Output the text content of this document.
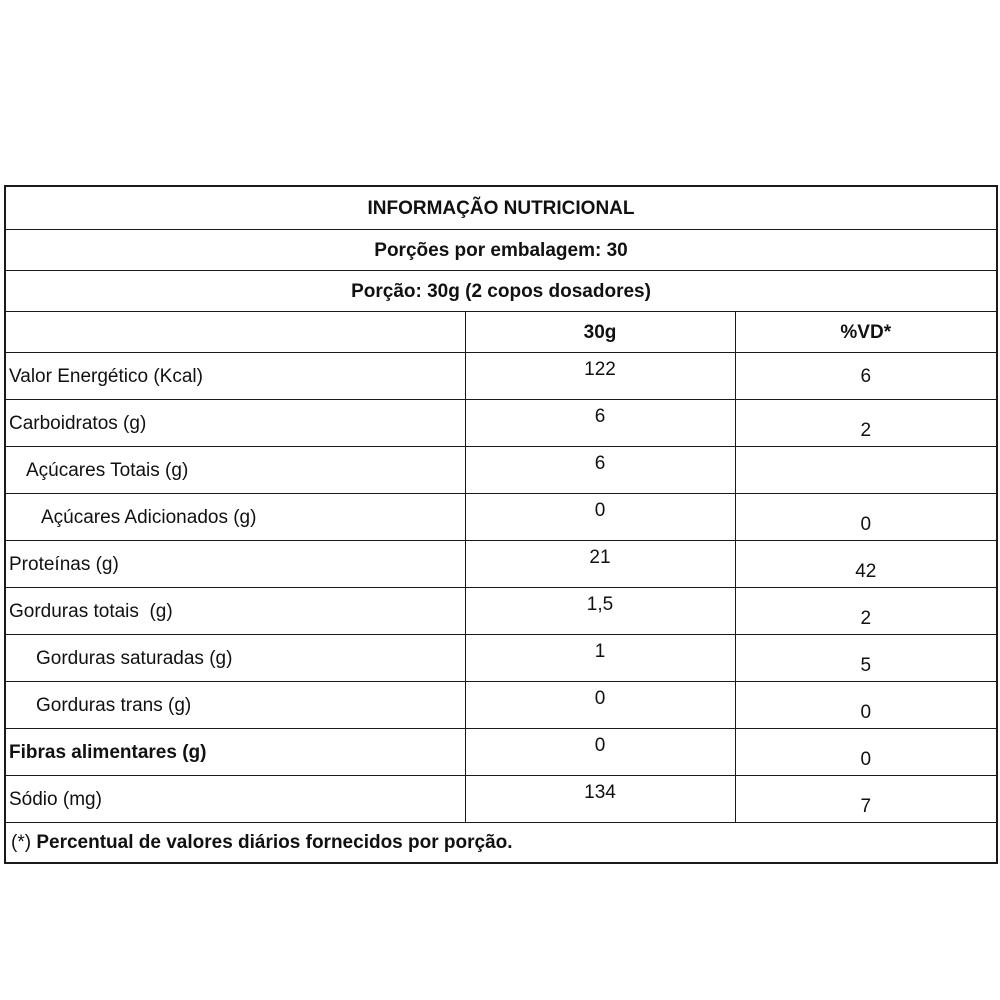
INFORMAÇÃO NUTRICIONAL		
Porções por embalagem: 30		
Porção: 30g (2 copos dosadores)		
	30g	%VD*
Valor Energético (Kcal)	122	6
Carboidratos (g)	6	2
Açúcares Totais (g)	6	
Açúcares Adicionados (g)	0	0
Proteínas (g)	21	42
Gorduras totais  (g)	1,5	2
Gorduras saturadas (g)	1	5
Gorduras trans (g)	0	0
Fibras alimentares (g)	0	0
Sódio (mg)	134	7
(*) Percentual de valores diários fornecidos por porção.		
